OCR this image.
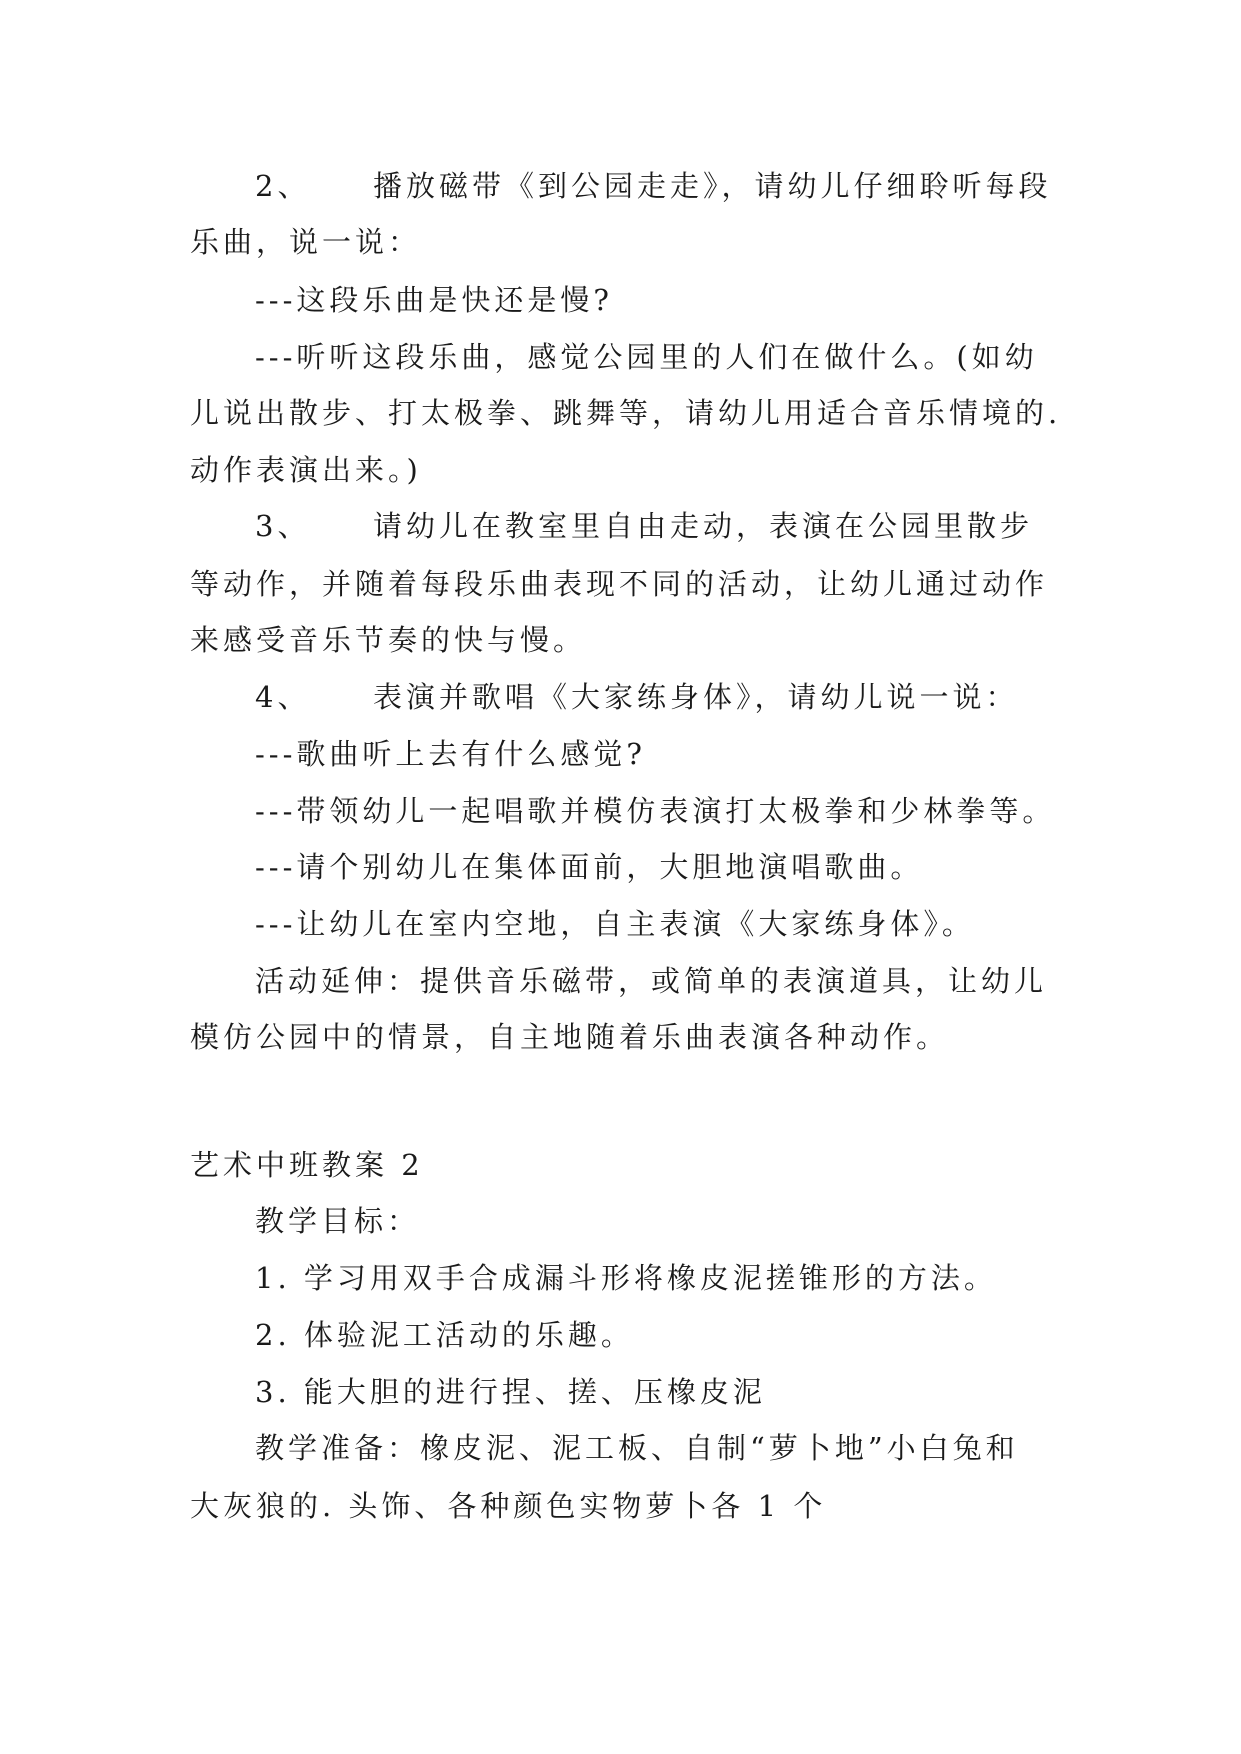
2、 播放磁带《到公园走走》，请幼儿仔细聆听每段
乐曲，说一说：
---这段乐曲是快还是慢?
---听听这段乐曲，感觉公园里的人们在做什么。(如幼
儿说出散步、打太极拳、跳舞等，请幼儿用适合音乐情境的.
动作表演出来。)
3、 请幼儿在教室里自由走动，表演在公园里散步
等动作，并随着每段乐曲表现不同的活动，让幼儿通过动作
来感受音乐节奏的快与慢。
4、 表演并歌唱《大家练身体》，请幼儿说一说：
---歌曲听上去有什么感觉?
---带领幼儿一起唱歌并模仿表演打太极拳和少林拳等。
---请个别幼儿在集体面前，大胆地演唱歌曲。
---让幼儿在室内空地，自主表演《大家练身体》。
活动延伸：提供音乐磁带，或简单的表演道具，让幼儿
模仿公园中的情景，自主地随着乐曲表演各种动作。
艺术中班教案 2
教学目标：
1. 学习用双手合成漏斗形将橡皮泥搓锥形的方法。
2. 体验泥工活动的乐趣。
3. 能大胆的进行捏、搓、压橡皮泥
教学准备：橡皮泥、泥工板、自制“萝卜地”小白兔和
大灰狼的. 头饰、各种颜色实物萝卜各 1 个
